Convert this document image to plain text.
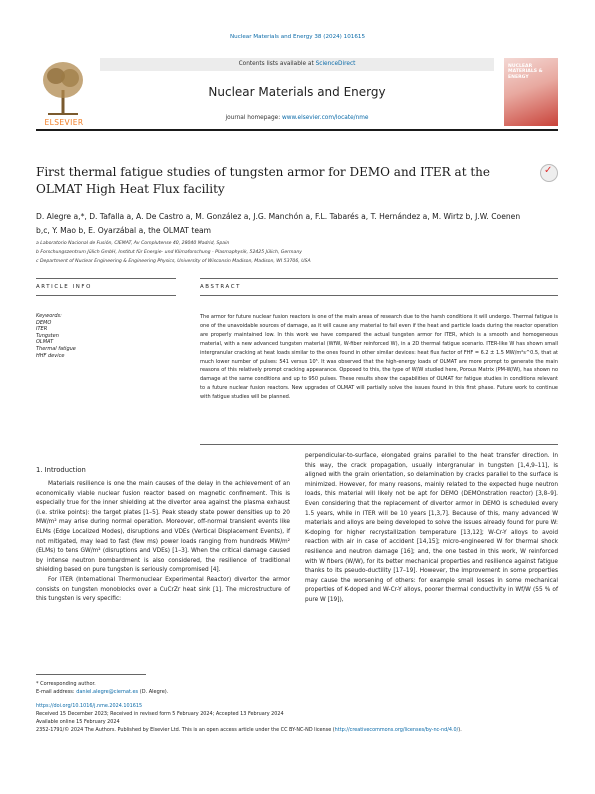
Nuclear Materials and Energy 38 (2024) 101615
ELSEVIER
Contents lists available at ScienceDirect
Nuclear Materials and Energy
journal homepage: www.elsevier.com/locate/nme
NUCLEAR MATERIALS & ENERGY
First thermal fatigue studies of tungsten armor for DEMO and ITER at the OLMAT High Heat Flux facility
✓
D. Alegre a,*, D. Tafalla a, A. De Castro a, M. González a, J.G. Manchón a, F.L. Tabarés a, T. Hernández a, M. Wirtz b, J.W. Coenen b,c, Y. Mao b, E. Oyarzábal a, the OLMAT team
a Laboratorio Nacional de Fusión, CIEMAT, Av Complutense 40, 28040 Madrid, Spain
b Forschungszentrum Jülich GmbH, Institut für Energie- und Klimaforschung - Plasmaphysik, 52425 Jülich, Germany
c Department of Nuclear Engineering & Engineering Physics, University of Wisconsin Madison, Madison, WI 53706, USA
ARTICLE INFO	ABSTRACT
Keywords:
DEMO
ITER
Tungsten
OLMAT
Thermal fatigue
HHF device
The armor for future nuclear fusion reactors is one of the main areas of research due to the harsh conditions it will undergo. Thermal fatigue is one of the unavoidable sources of damage, as it will cause any material to fail even if the heat and particle loads during the reactor operation are properly maintained low. In this work we have compared the actual tungsten armor for ITER, which is a smooth and homogeneous material, with a new advanced tungsten material (WfW, W-fiber reinforced W), in a 2D thermal fatigue scenario. ITER-like W has shown small intergranular cracking at heat loads similar to the ones found in other similar devices: heat flux factor of FHF = 6.2 ± 1.5 MW/m²s^0.5, that at much lower number of pulses: 541 versus 10⁵. It was observed that the high-energy loads of OLMAT are more prompt to generate the main reasons of this relatively prompt cracking appearance. Opposed to this, the type of W/W studied here, Porous Matrix (PM-W/W), has shown no damage at the same conditions and up to 950 pulses. These results show the capabilities of OLMAT for fatigue studies in conditions relevant to a future nuclear fusion reactors. New upgrades of OLMAT will partially solve the issues found in this first phase. Future work to continue with fatigue studies will be planned.
1. Introduction

Materials resilience is one the main causes of the delay in the achievement of an economically viable nuclear fusion reactor based on magnetic confinement. This is especially true for the inner shielding at the divertor area against the plasma exhaust (i.e. strike points): the target plates [1–5]. Peak steady state power densities up to 20 MW/m² may arise during normal operation. Moreover, off-normal transient events like ELMs (Edge Localized Modes), disruptions and VDEs (Vertical Displacement Events), if not mitigated, may lead to fast (few ms) power loads ranging from hundreds MW/m² (ELMs) to tens GW/m² (disruptions and VDEs) [1–3]. When the critical damage caused by intense neutron bombardment is also considered, the resilience of traditional shielding based on pure tungsten is seriously compromised [4].

For ITER (International Thermonuclear Experimental Reactor) divertor the armor consists on tungsten monoblocks over a CuCrZr heat sink [1]. The microstructure of this tungsten is very specific:

perpendicular-to-surface, elongated grains parallel to the heat transfer direction. In this way, the crack propagation, usually intergranular in tungsten [1,4,9–11], is aligned with the grain orientation, so delamination by cracks parallel to the surface is minimized. However, for many reasons, mainly related to the expected huge neutron loads, this material will likely not be apt for DEMO (DEMOnstration reactor) [3,8–9]. Even considering that the replacement of divertor armor in DEMO is scheduled every 1.5 years, while in ITER will be 10 years [1,3,7]. Because of this, many advanced W materials and alloys are being developed to solve the issues already found for pure W: K-doping for higher recrystallization temperature [13,12]; W-Cr-Y alloys to avoid reaction with air in case of accident [14,15]; micro-engineered W for thermal shock resilience and neutron damage [16]; and, the one tested in this work, W reinforced with W fibers (W/W), for its better mechanical properties and resilience against fatigue thanks to its pseudo-ductility [17–19]. However, the improvement in some properties may cause the worsening of others: for example small losses in some mechanical properties of K-doped and W-Cr-Y alloys, poorer thermal conductivity in Wf/W (55 % of pure W [19]),

* Corresponding author.
E-mail address: daniel.alegre@ciemat.es (D. Alegre).
https://doi.org/10.1016/j.nme.2024.101615
Received 15 December 2023; Received in revised form 5 February 2024; Accepted 13 February 2024
Available online 15 February 2024
2352-1791/© 2024 The Authors. Published by Elsevier Ltd. This is an open access article under the CC BY-NC-ND license (http://creativecommons.org/licenses/by-nc-nd/4.0/).
